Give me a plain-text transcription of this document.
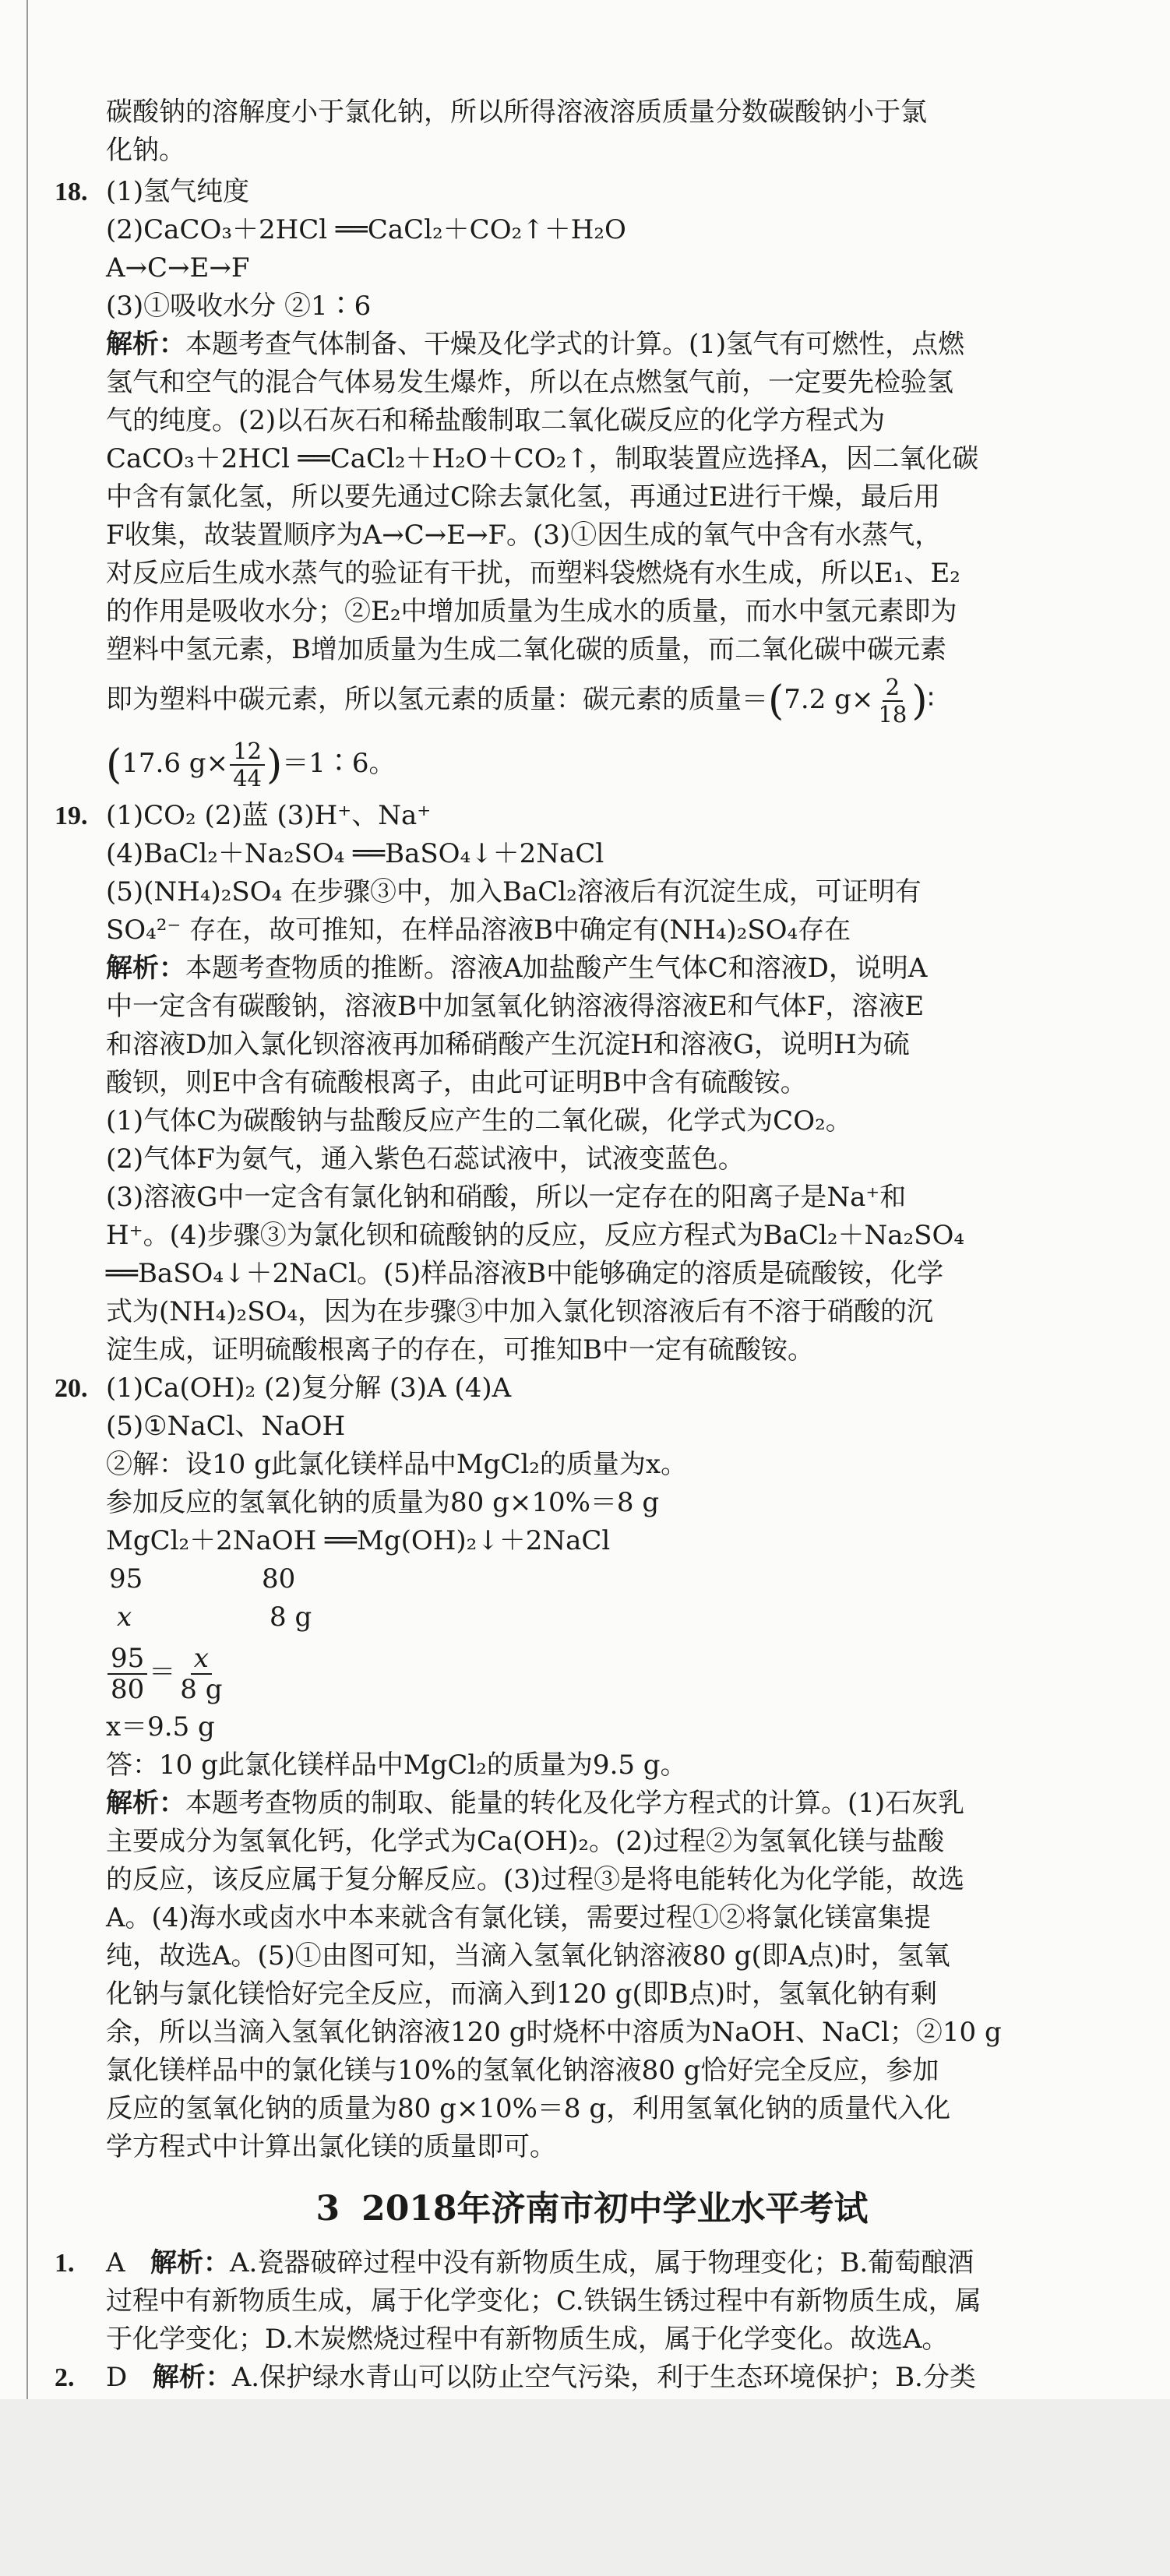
碳酸钠的溶解度小于氯化钠，所以所得溶液溶质质量分数碳酸钠小于氯

化钠。

18. (1)氢气纯度

(2)CaCO₃＋2HCl ══CaCl₂＋CO₂↑＋H₂O

A→C→E→F

(3)①吸收水分 ②1∶6

解析：本题考查气体制备、干燥及化学式的计算。(1)氢气有可燃性，点燃

氢气和空气的混合气体易发生爆炸，所以在点燃氢气前，一定要先检验氢

气的纯度。(2)以石灰石和稀盐酸制取二氧化碳反应的化学方程式为

CaCO₃＋2HCl ══CaCl₂＋H₂O＋CO₂↑，制取装置应选择A，因二氧化碳

中含有氯化氢，所以要先通过C除去氯化氢，再通过E进行干燥，最后用

F收集，故装置顺序为A→C→E→F。(3)①因生成的氧气中含有水蒸气，

对反应后生成水蒸气的验证有干扰，而塑料袋燃烧有水生成，所以E₁、E₂

的作用是吸收水分；②E₂中增加质量为生成水的质量，而水中氢元素即为

塑料中氢元素，B增加质量为生成二氧化碳的质量，而二氧化碳中碳元素

即为塑料中碳元素，所以氢元素的质量：碳元素的质量＝(7.2 $g\times \frac{2}{18}$ )∶

(17.6 $g\times \frac{12}{44}$ )＝1∶6。

19. (1)CO₂ (2)蓝 (3)H⁺、Na⁺

(4)BaCl₂＋Na₂SO₄ ══BaSO₄↓＋2NaCl

(5)(NH₄)₂SO₄ 在步骤③中，加入BaCl₂溶液后有沉淀生成，可证明有

SO₄²⁻ 存在，故可推知，在样品溶液B中确定有(NH₄)₂SO₄存在

解析：本题考查物质的推断。溶液A加盐酸产生气体C和溶液D，说明A

中一定含有碳酸钠，溶液B中加氢氧化钠溶液得溶液E和气体F，溶液E

和溶液D加入氯化钡溶液再加稀硝酸产生沉淀H和溶液G，说明H为硫

酸钡，则E中含有硫酸根离子，由此可证明B中含有硫酸铵。

(1)气体C为碳酸钠与盐酸反应产生的二氧化碳，化学式为CO₂。

(2)气体F为氨气，通入紫色石蕊试液中，试液变蓝色。

(3)溶液G中一定含有氯化钠和硝酸，所以一定存在的阳离子是Na⁺和

H⁺。(4)步骤③为氯化钡和硫酸钠的反应，反应方程式为BaCl₂＋Na₂SO₄

══BaSO₄↓＋2NaCl。(5)样品溶液B中能够确定的溶质是硫酸铵，化学

式为(NH₄)₂SO₄，因为在步骤③中加入氯化钡溶液后有不溶于硝酸的沉

淀生成，证明硫酸根离子的存在，可推知B中一定有硫酸铵。

20. (1)Ca(OH)₂ (2)复分解 (3)A (4)A

(5)①NaCl、NaOH

②解：设10 g此氯化镁样品中MgCl₂的质量为x。

参加反应的氢氧化钠的质量为80 g×10%＝8 g

MgCl₂＋2NaOH ══Mg(OH)₂↓＋2NaCl

95	80

x	8 g

$\frac{95}{80} = \frac{x}{8 g}$

x＝9.5 g

答：10 g此氯化镁样品中MgCl₂的质量为9.5 g。

解析：本题考查物质的制取、能量的转化及化学方程式的计算。(1)石灰乳

主要成分为氢氧化钙，化学式为Ca(OH)₂。(2)过程②为氢氧化镁与盐酸

的反应，该反应属于复分解反应。(3)过程③是将电能转化为化学能，故选

A。(4)海水或卤水中本来就含有氯化镁，需要过程①②将氯化镁富集提

纯，故选A。(5)①由图可知，当滴入氢氧化钠溶液80 g(即A点)时，氢氧

化钠与氯化镁恰好完全反应，而滴入到120 g(即B点)时，氢氧化钠有剩

余，所以当滴入氢氧化钠溶液120 g时烧杯中溶质为NaOH、NaCl；②10 g

氯化镁样品中的氯化镁与10%的氢氧化钠溶液80 g恰好完全反应，参加

反应的氢氧化钠的质量为80 g×10%＝8 g，利用氢氧化钠的质量代入化

学方程式中计算出氯化镁的质量即可。

3 2018年济南市初中学业水平考试

1. A 解析：A.瓷器破碎过程中没有新物质生成，属于物理变化；B.葡萄酿酒

过程中有新物质生成，属于化学变化；C.铁锅生锈过程中有新物质生成，属

于化学变化；D.木炭燃烧过程中有新物质生成，属于化学变化。故选A。

2. D 解析：A.保护绿水青山可以防止空气污染，利于生态环境保护；B.分类
